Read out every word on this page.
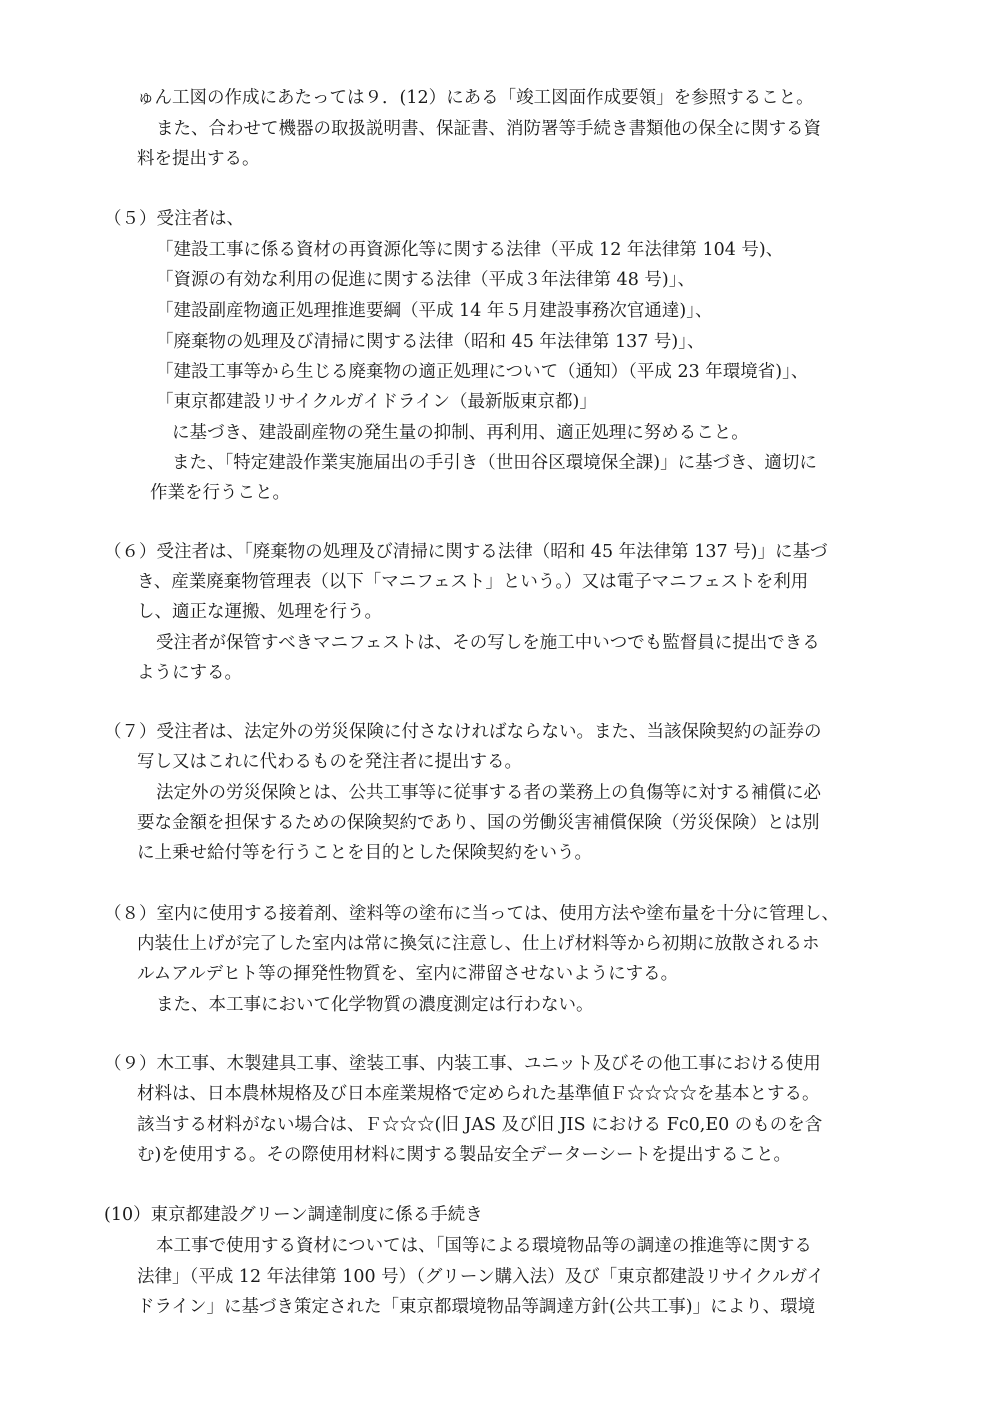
ゅん工図の作成にあたっては９．(12）にある「竣工図面作成要領」を参照すること。
また、合わせて機器の取扱説明書、保証書、消防署等手続き書類他の保全に関する資
料を提出する。
（５）受注者は、
「建設工事に係る資材の再資源化等に関する法律（平成 12 年法律第 104 号)、
「資源の有効な利用の促進に関する法律（平成３年法律第 48 号)」、
「建設副産物適正処理推進要綱（平成 14 年５月建設事務次官通達)」、
「廃棄物の処理及び清掃に関する法律（昭和 45 年法律第 137 号)」、
「建設工事等から生じる廃棄物の適正処理について（通知）（平成 23 年環境省)」、
「東京都建設リサイクルガイドライン（最新版東京都)」
に基づき、建設副産物の発生量の抑制、再利用、適正処理に努めること。
また、「特定建設作業実施届出の手引き（世田谷区環境保全課)」に基づき、適切に
作業を行うこと。
（６）受注者は、「廃棄物の処理及び清掃に関する法律（昭和 45 年法律第 137 号)」に基づ
き、産業廃棄物管理表（以下「マニフェスト」という。）又は電子マニフェストを利用
し、適正な運搬、処理を行う。
受注者が保管すべきマニフェストは、その写しを施工中いつでも監督員に提出できる
ようにする。
（７）受注者は、法定外の労災保険に付さなければならない。また、当該保険契約の証券の
写し又はこれに代わるものを発注者に提出する。
法定外の労災保険とは、公共工事等に従事する者の業務上の負傷等に対する補償に必
要な金額を担保するための保険契約であり、国の労働災害補償保険（労災保険）とは別
に上乗せ給付等を行うことを目的とした保険契約をいう。
（８）室内に使用する接着剤、塗料等の塗布に当っては、使用方法や塗布量を十分に管理し、
内装仕上げが完了した室内は常に換気に注意し、仕上げ材料等から初期に放散されるホ
ルムアルデヒト等の揮発性物質を、室内に滞留させないようにする。
また、本工事において化学物質の濃度測定は行わない。
（９）木工事、木製建具工事、塗装工事、内装工事、ユニット及びその他工事における使用
材料は、日本農林規格及び日本産業規格で定められた基準値Ｆ☆☆☆☆を基本とする。
該当する材料がない場合は、Ｆ☆☆☆(旧 JAS 及び旧 JIS における Fc0,E0 のものを含
む)を使用する。その際使用材料に関する製品安全データーシートを提出すること。
(10）東京都建設グリーン調達制度に係る手続き
本工事で使用する資材については、「国等による環境物品等の調達の推進等に関する
法律」（平成 12 年法律第 100 号）（グリーン購入法）及び「東京都建設リサイクルガイ
ドライン」に基づき策定された「東京都環境物品等調達方針(公共工事)」により、環境
